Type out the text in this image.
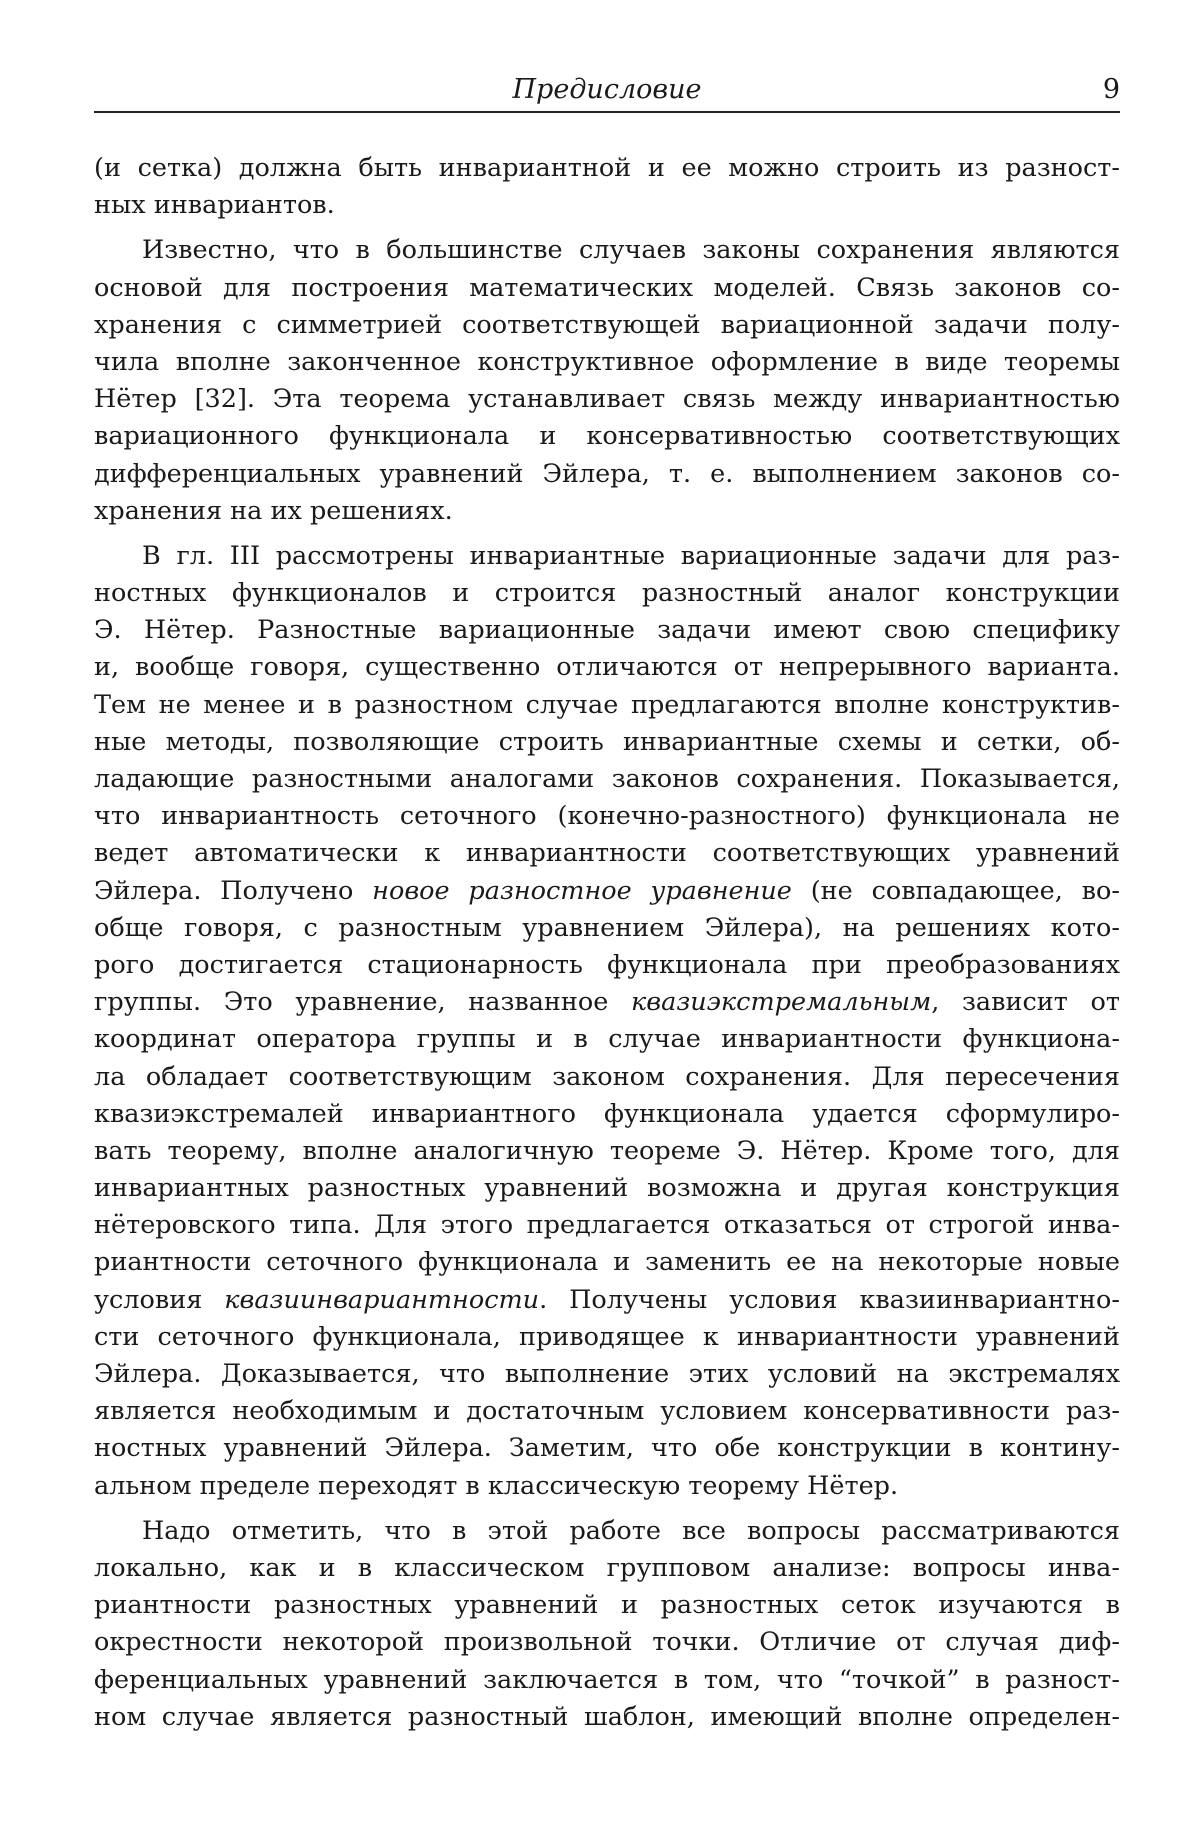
Предисловие	9
(и сетка) должна быть инвариантной и ее можно строить из разност-
ных инвариантов.
Известно, что в большинстве случаев законы сохранения являются
основой для построения математических моделей. Связь законов со-
хранения с симметрией соответствующей вариационной задачи полу-
чила вполне законченное конструктивное оформление в виде теоремы
Нётер [32]. Эта теорема устанавливает связь между инвариантностью
вариационного функционала и консервативностью соответствующих
дифференциальных уравнений Эйлера, т. е. выполнением законов со-
хранения на их решениях.
В гл. III рассмотрены инвариантные вариационные задачи для раз-
ностных функционалов и строится разностный аналог конструкции
Э. Нётер. Разностные вариационные задачи имеют свою специфику
и, вообще говоря, существенно отличаются от непрерывного варианта.
Тем не менее и в разностном случае предлагаются вполне конструктив-
ные методы, позволяющие строить инвариантные схемы и сетки, об-
ладающие разностными аналогами законов сохранения. Показывается,
что инвариантность сеточного (конечно-разностного) функционала не
ведет автоматически к инвариантности соответствующих уравнений
Эйлера. Получено новое разностное уравнение (не совпадающее, во-
обще говоря, с разностным уравнением Эйлера), на решениях кото-
рого достигается стационарность функционала при преобразованиях
группы. Это уравнение, названное квазиэкстремальным, зависит от
координат оператора группы и в случае инвариантности функциона-
ла обладает соответствующим законом сохранения. Для пересечения
квазиэкстремалей инвариантного функционала удается сформулиро-
вать теорему, вполне аналогичную теореме Э. Нётер. Кроме того, для
инвариантных разностных уравнений возможна и другая конструкция
нётеровского типа. Для этого предлагается отказаться от строгой инва-
риантности сеточного функционала и заменить ее на некоторые новые
условия квазиинвариантности. Получены условия квазиинвариантно-
сти сеточного функционала, приводящее к инвариантности уравнений
Эйлера. Доказывается, что выполнение этих условий на экстремалях
является необходимым и достаточным условием консервативности раз-
ностных уравнений Эйлера. Заметим, что обе конструкции в контину-
альном пределе переходят в классическую теорему Нётер.
Надо отметить, что в этой работе все вопросы рассматриваются
локально, как и в классическом групповом анализе: вопросы инва-
риантности разностных уравнений и разностных сеток изучаются в
окрестности некоторой произвольной точки. Отличие от случая диф-
ференциальных уравнений заключается в том, что “точкой” в разност-
ном случае является разностный шаблон, имеющий вполне определен-
